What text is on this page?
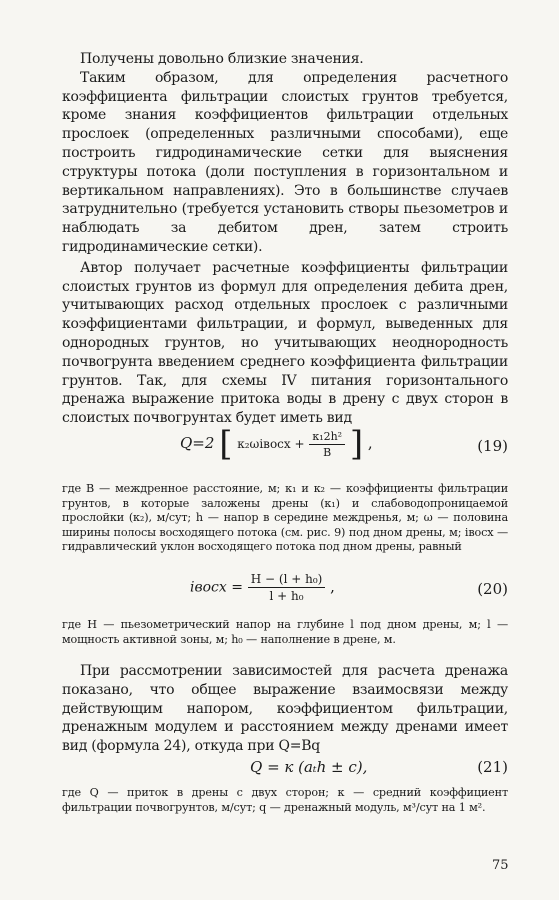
Получены довольно близкие значения.

Таким образом, для определения расчетного коэффициента фильтрации слоистых грунтов требуется, кроме знания коэффициентов фильтрации отдельных прослоек (определенных различными способами), еще построить гидродинамические сетки для выяснения структуры потока (доли поступления в горизонтальном и вертикальном направлениях). Это в большинстве случаев затруднительно (требуется установить створы пьезометров и наблюдать за дебитом дрен, затем строить гидродинамические сетки).

Автор получает расчетные коэффициенты фильтрации слоистых грунтов из формул для определения дебита дрен, учитывающих расход отдельных прослоек с различными коэффициентами фильтрации, и формул, выведенных для однородных грунтов, но учитывающих неоднородность почвогрунта введением среднего коэффициента фильтрации грунтов. Так, для схемы IV питания горизонтального дренажа выражение притока воды в дрену с двух сторон в слоистых почвогрунтах будет иметь вид

Q=2 [ к₂ωiвосх + $\frac{\text{к₁2h²}}{B}$ ] ,	(19)

где B — междренное расстояние, м; к₁ и к₂ — коэффициенты фильтрации грунтов, в которые заложены дрены (к₁) и слабоводопроницаемой прослойки (к₂), м/сут; h — напор в середине междренья, м; ω — половина ширины полосы восходящего потока (см. рис. 9) под дном дрены, м; iвосх — гидравлический уклон восходящего потока под дном дрены, равный

iвосх = $\frac{\text{H − (l + h₀)}}{\text{l + h₀}}$ ,	(20)

где H — пьезометрический напор на глубине l под дном дрены, м; l — мощность активной зоны, м; h₀ — наполнение в дрене, м.

При рассмотрении зависимостей для расчета дренажа показано, что общее выражение взаимосвязи между действующим напором, коэффициентом фильтрации, дренажным модулем и расстоянием между дренами имеет вид (формула 24), откуда при Q=Bq

Q = к (aₜh ± c),	(21)

где Q — приток в дрены с двух сторон; к — средний коэффициент фильтрации почвогрунтов, м/сут; q — дренажный модуль, м³/сут на 1 м².

75
